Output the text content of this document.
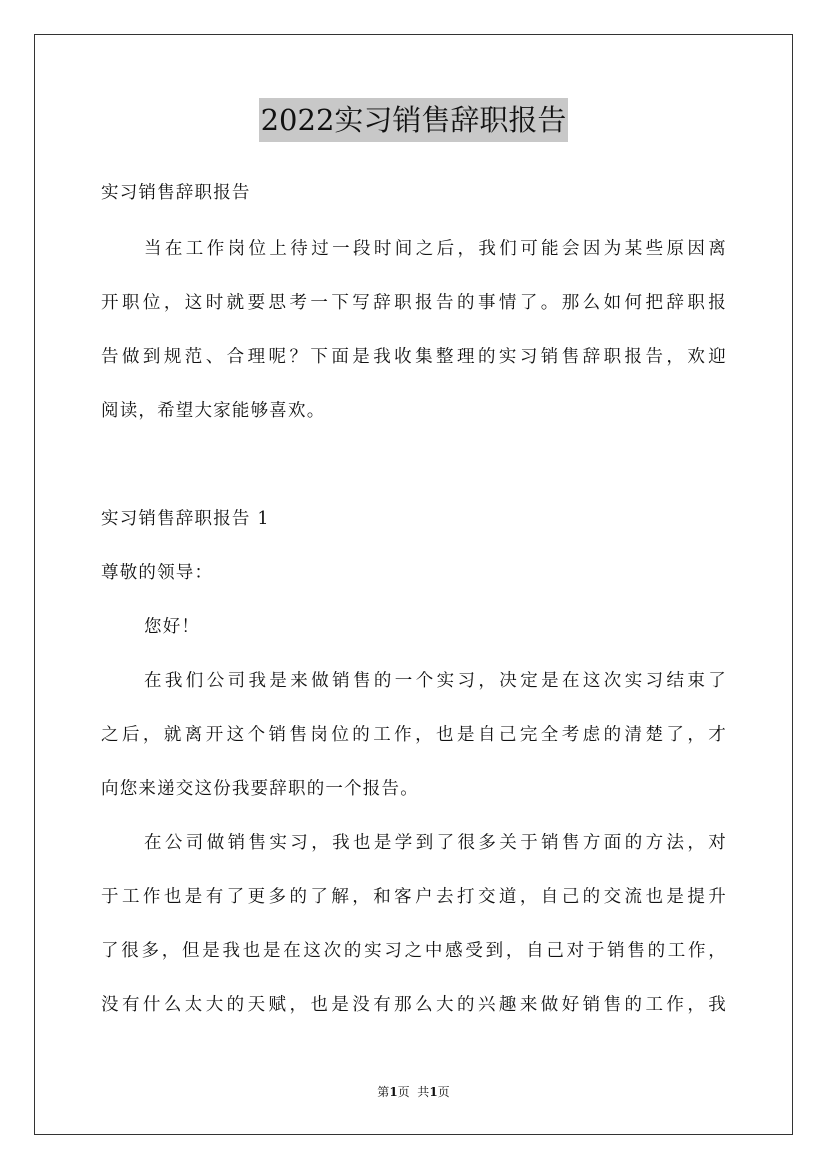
2022实习销售辞职报告
实习销售辞职报告
当在工作岗位上待过一段时间之后，我们可能会因为某些原因离
开职位，这时就要思考一下写辞职报告的事情了。那么如何把辞职报
告做到规范、合理呢？下面是我收集整理的实习销售辞职报告，欢迎
阅读，希望大家能够喜欢。
实习销售辞职报告 1
尊敬的领导：
您好！
在我们公司我是来做销售的一个实习，决定是在这次实习结束了
之后，就离开这个销售岗位的工作，也是自己完全考虑的清楚了，才
向您来递交这份我要辞职的一个报告。
在公司做销售实习，我也是学到了很多关于销售方面的方法，对
于工作也是有了更多的了解，和客户去打交道，自己的交流也是提升
了很多，但是我也是在这次的实习之中感受到，自己对于销售的工作，
没有什么太大的天赋，也是没有那么大的兴趣来做好销售的工作，我
第1页  共1页
